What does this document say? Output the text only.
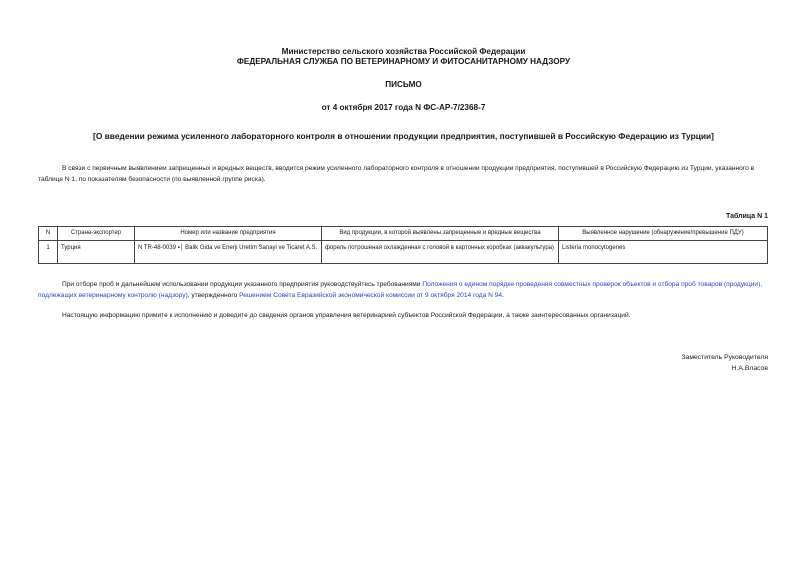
Министерство сельского хозяйства Российской Федерации
ФЕДЕРАЛЬНАЯ СЛУЖБА ПО ВЕТЕРИНАРНОМУ И ФИТОСАНИТАРНОМУ НАДЗОРУ
ПИСЬМО
от 4 октября 2017 года N ФС-АР-7/2368-7
[О введении режима усиленного лабораторного контроля в отношении продукции предприятия, поступившей в Российскую Федерацию из Турции]
В связи с первичным выявлением запрещенных и вредных веществ, вводится режим усиленного лабораторного контроля в отношении продукции предприятия, поступившей в Российскую Федерацию из Турции, указанного в таблице N 1, по показателям безопасности (по выявленной группе риска).
Таблица N 1
N	Страна-экспортер	Номер или название предприятия	Вид продукции, в которой выявлены запрещенные и вредные вещества	Выявленное нарушение (обнаружение/превышение ПДУ)
1	Турция	N TR-48-0039 ▪│ Balik Gida ve Enerji Uretim Sanayi ve Ticaret A.S.	форель потрошеная охлажденная с головой в картонных коробках (аквакультура)	Listeria monocytogenes
При отборе проб и дальнейшем использовании продукции указанного предприятия руководствуйтесь требованиями Положения о едином порядке проведения совместных проверок объектов и отбора проб товаров (продукции), подлежащих ветеринарному контролю (надзору), утвержденного Решением Совета Евразийской экономической комиссии от 9 октября 2014 года N 94.
Настоящую информацию примите к исполнению и доведите до сведения органов управления ветеринарией субъектов Российской Федерации, а также заинтересованных организаций.
Заместитель Руководителя
Н.А.Власов
